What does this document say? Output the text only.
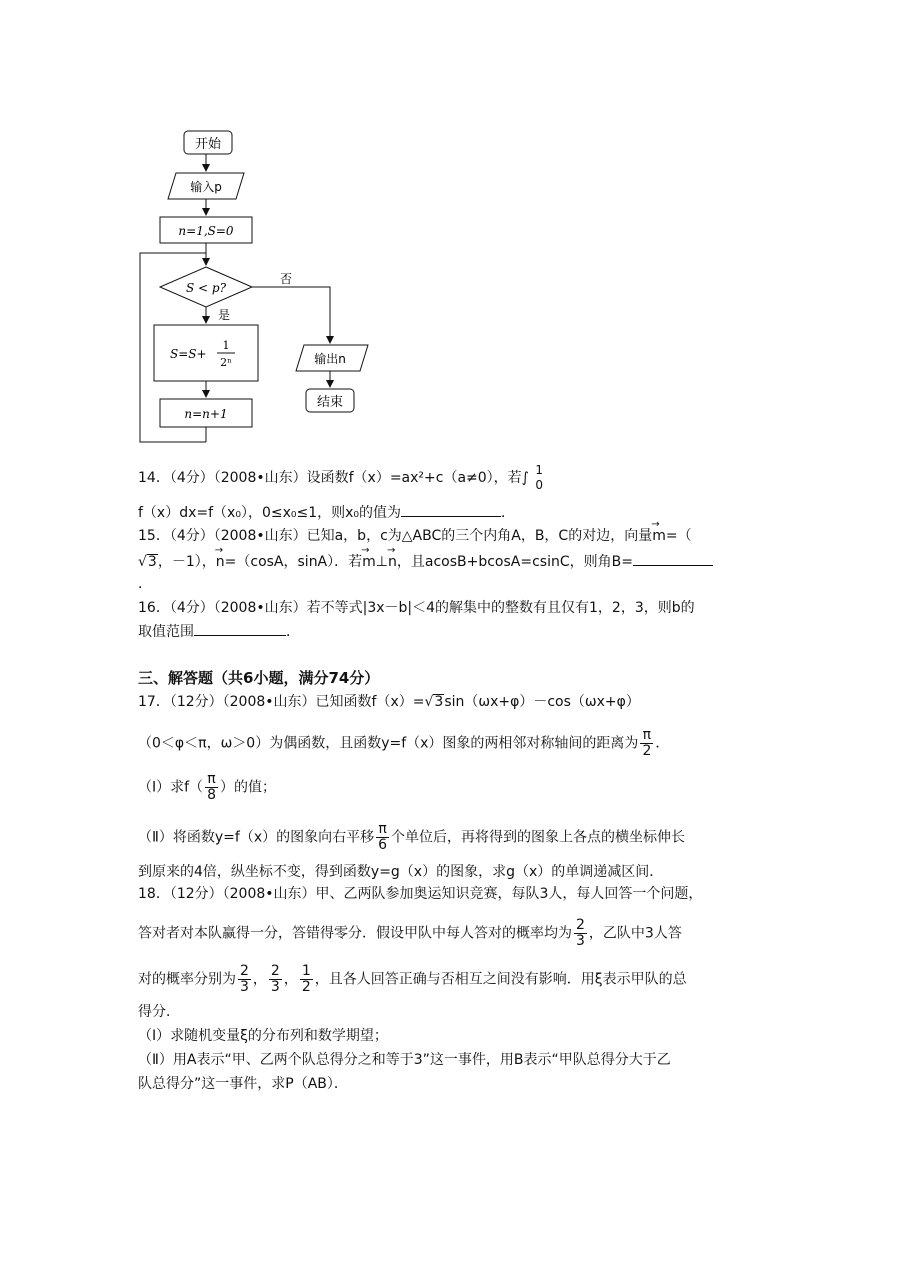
开始
输入p
n=1,S=0
S < p?
否
是
S=S+
1
2ⁿ
n=n+1
输出n
结束
14．（4分）（2008•山东）设函数f（x）=ax²+c（a≠0），若∫ 1
0
f（x）dx=f（x₀），0≤x₀≤1，则x₀的值为	．
15．（4分）（2008•山东）已知a，b，c为△ABC的三个内角A，B，C的对边，向量→ m=（
√3，－1），→ n=（cosA，sinA）．若→ m⊥→ n，且acosB+bcosA=csinC，则角B=
．
16．（4分）（2008•山东）若不等式|3x－b|＜4的解集中的整数有且仅有1，2，3，则b的
取值范围	．
三、解答题（共6小题，满分74分）
17．（12分）（2008•山东）已知函数f（x）=√3sin（ωx+φ）－cos（ωx+φ）
（0＜φ＜π，ω＞0）为偶函数，且函数y=f（x）图象的两相邻对称轴间的距离为 $\frac{\pi}{2}$ ．
（Ⅰ）求$f( \frac{\pi}{8}$ ）的值；
（Ⅱ）将函数y=f（x）的图象向右平移 $\frac{\pi}{6}$ 个单位后，再将得到的图象上各点的横坐标伸长
到原来的4倍，纵坐标不变，得到函数y=g（x）的图象，求g（x）的单调递减区间．
18．（12分）（2008•山东）甲、乙两队参加奥运知识竞赛，每队3人，每人回答一个问题，
答对者对本队赢得一分，答错得零分．假设甲队中每人答对的概率均为 $\frac{2}{3}$ ，乙队中3人答
对的概率分别为 $\frac{2}{3}$ ， $\frac{2}{3}$ ， $\frac{1}{2}$ ，且各人回答正确与否相互之间没有影响．用ξ表示甲队的总
得分．
（Ⅰ）求随机变量ξ的分布列和数学期望；
（Ⅱ）用A表示“甲、乙两个队总得分之和等于3”这一事件，用B表示“甲队总得分大于乙
队总得分”这一事件，求P（AB）．
